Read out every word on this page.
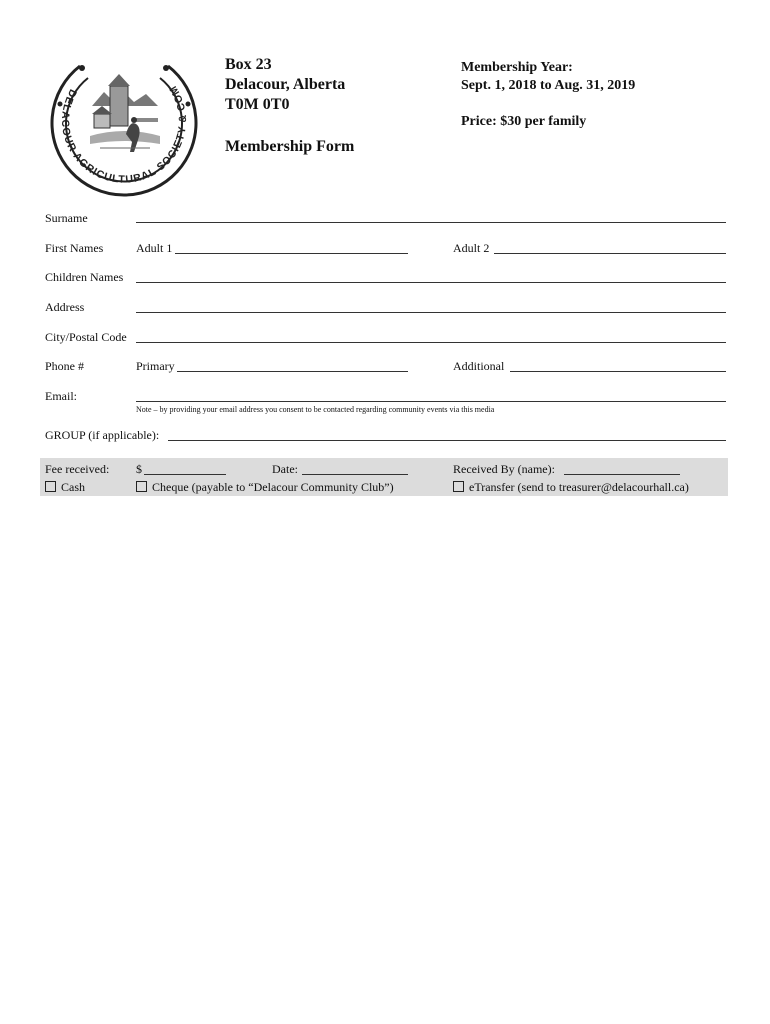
DELACOUR AGRICULTURAL SOCIETY & COM
Box 23
Delacour, Alberta
T0M 0T0
Membership Form
Membership Year:
Sept. 1, 2018 to Aug. 31, 2019
Price: $30 per family
Surname
First Names	Adult 1	Adult 2
Children Names
Address
City/Postal Code
Phone #	Primary	Additional
Email:
Note – by providing your email address you consent to be contacted regarding community events via this media
GROUP (if applicable):
Fee received: $	Date:	Received By (name):
Cash	Cheque (payable to “Delacour Community Club”)	eTransfer (send to treasurer@delacourhall.ca)
